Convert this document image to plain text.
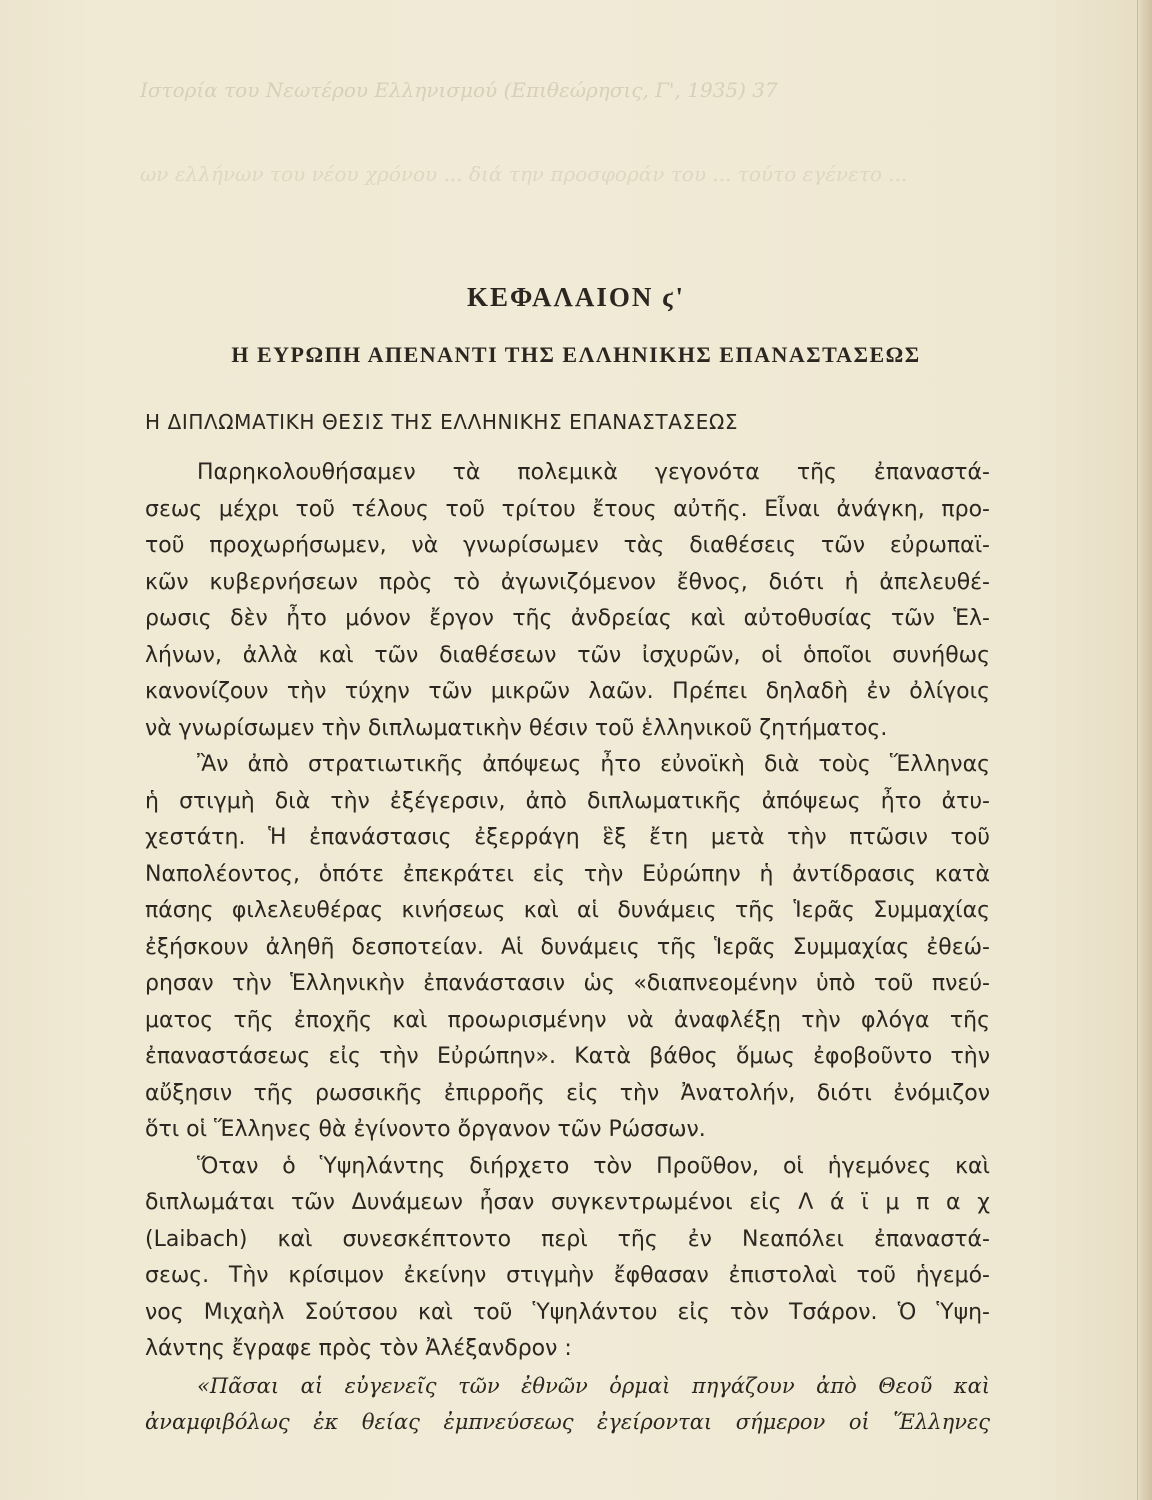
Ιστορία του Νεωτέρου Ελληνισμού (Επιθεώρησις, Γ', 1935) 37
ων ελλήνων του νέου χρόνου ... διά την προσφοράν του ... τούτο εγένετο ...
ΚΕΦΑΛΑΙΟΝ ϛ'
Η ΕΥΡΩΠΗ ΑΠΕΝΑΝΤΙ ΤΗΣ ΕΛΛΗΝΙΚΗΣ ΕΠΑΝΑΣΤΑΣΕΩΣ
Η ΔΙΠΛΩΜΑΤΙΚΗ ΘΕΣΙΣ ΤΗΣ ΕΛΛΗΝΙΚΗΣ ΕΠΑΝΑΣΤΑΣΕΩΣ
Παρηκολουθήσαμεν τὰ πολεμικὰ γεγονότα τῆς ἐπαναστά-
σεως μέχρι τοῦ τέλους τοῦ τρίτου ἔτους αὐτῆς. Εἶναι ἀνάγκη, προ-
τοῦ προχωρήσωμεν, νὰ γνωρίσωμεν τὰς διαθέσεις τῶν εὐρωπαϊ-
κῶν κυβερνήσεων πρὸς τὸ ἀγωνιζόμενον ἔθνος, διότι ἡ ἀπελευθέ-
ρωσις δὲν ἦτο μόνον ἔργον τῆς ἀνδρείας καὶ αὐτοθυσίας τῶν Ἑλ-
λήνων, ἀλλὰ καὶ τῶν διαθέσεων τῶν ἰσχυρῶν, οἱ ὁποῖοι συνήθως
κανονίζουν τὴν τύχην τῶν μικρῶν λαῶν. Πρέπει δηλαδὴ ἐν ὀλίγοις
νὰ γνωρίσωμεν τὴν διπλωματικὴν θέσιν τοῦ ἑλληνικοῦ ζητήματος.
Ἂν ἀπὸ στρατιωτικῆς ἀπόψεως ἦτο εὐνοϊκὴ διὰ τοὺς Ἕλληνας
ἡ στιγμὴ διὰ τὴν ἐξέγερσιν, ἀπὸ διπλωματικῆς ἀπόψεως ἦτο ἀτυ-
χεστάτη. Ἡ ἐπανάστασις ἐξερράγη ἓξ ἔτη μετὰ τὴν πτῶσιν τοῦ
Ναπολέοντος, ὁπότε ἐπεκράτει εἰς τὴν Εὐρώπην ἡ ἀντίδρασις κατὰ
πάσης φιλελευθέρας κινήσεως καὶ αἱ δυνάμεις τῆς Ἱερᾶς Συμμαχίας
ἐξήσκουν ἀληθῆ δεσποτείαν. Αἱ δυνάμεις τῆς Ἱερᾶς Συμμαχίας ἐθεώ-
ρησαν τὴν Ἑλληνικὴν ἐπανάστασιν ὡς «διαπνεομένην ὑπὸ τοῦ πνεύ-
ματος τῆς ἐποχῆς καὶ προωρισμένην νὰ ἀναφλέξῃ τὴν φλόγα τῆς
ἐπαναστάσεως εἰς τὴν Εὐρώπην». Κατὰ βάθος ὅμως ἐφοβοῦντο τὴν
αὔξησιν τῆς ρωσσικῆς ἐπιρροῆς εἰς τὴν Ἀνατολήν, διότι ἐνόμιζον
ὅτι οἱ Ἕλληνες θὰ ἐγίνοντο ὄργανον τῶν Ρώσσων.
Ὅταν ὁ Ὑψηλάντης διήρχετο τὸν Προῦθον, οἱ ἡγεμόνες καὶ
διπλωμάται τῶν Δυνάμεων ἦσαν συγκεντρωμένοι εἰς Λ ά ϊ μ π α χ
(Laibach) καὶ συνεσκέπτοντο περὶ τῆς ἐν Νεαπόλει ἐπαναστά-
σεως. Τὴν κρίσιμον ἐκείνην στιγμὴν ἔφθασαν ἐπιστολαὶ τοῦ ἡγεμό-
νος Μιχαὴλ Σούτσου καὶ τοῦ Ὑψηλάντου εἰς τὸν Τσάρον. Ὁ Ὑψη-
λάντης ἔγραφε πρὸς τὸν Ἀλέξανδρον :
«Πᾶσαι αἱ εὐγενεῖς τῶν ἐθνῶν ὁρμαὶ πηγάζουν ἀπὸ Θεοῦ καὶ
ἀναμφιβόλως ἐκ θείας ἐμπνεύσεως ἐγείρονται σήμερον οἱ Ἕλληνες
